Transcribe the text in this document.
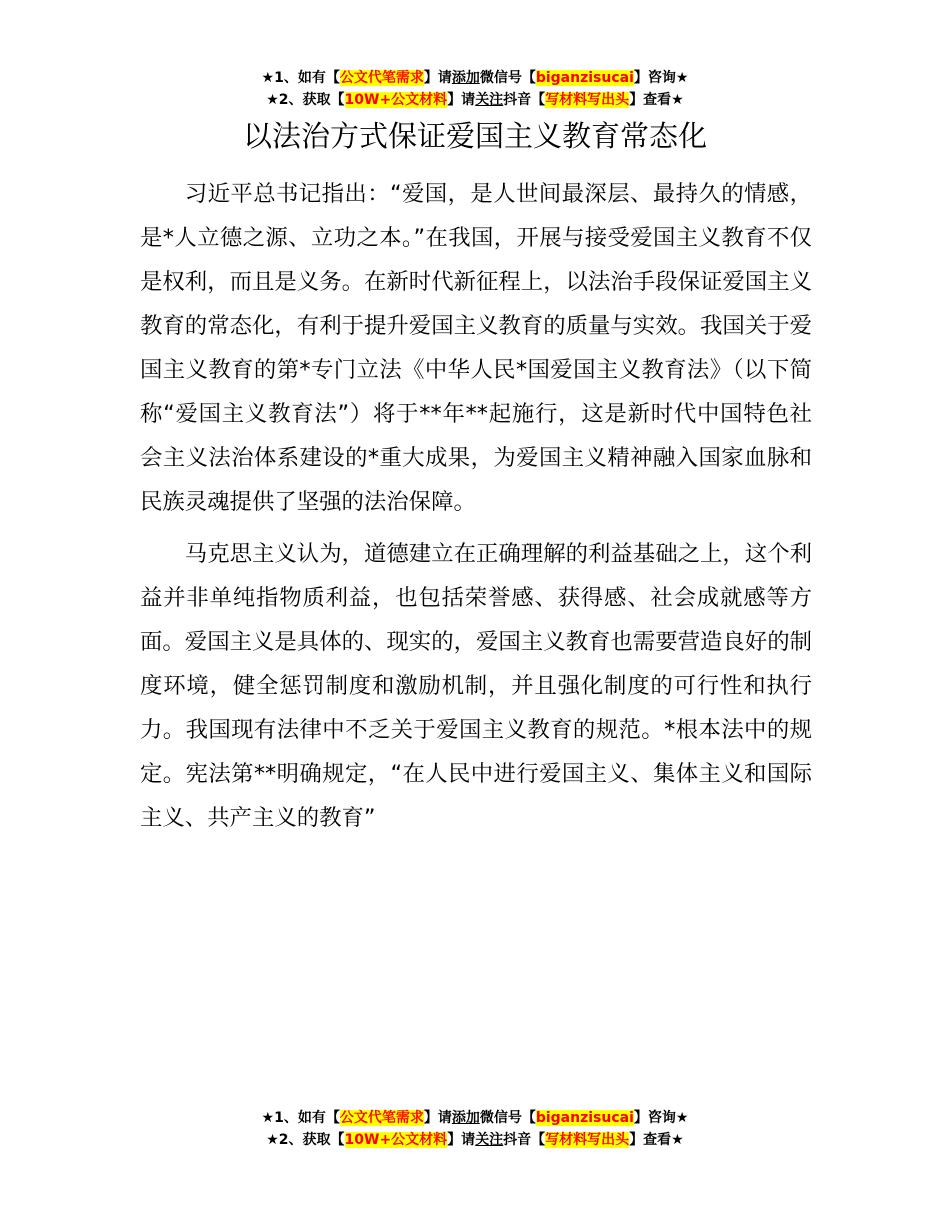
★1、如有【公文代笔需求】请添加微信号【biganzisucai】咨询★
★2、获取【10W+公文材料】请关注抖音【写材料写出头】查看★
以法治方式保证爱国主义教育常态化

习近平总书记指出：“爱国，是人世间最深层、最持久的情感，是*人立德之源、立功之本。”在我国，开展与接受爱国主义教育不仅是权利，而且是义务。在新时代新征程上，以法治手段保证爱国主义教育的常态化，有利于提升爱国主义教育的质量与实效。我国关于爱国主义教育的第*专门立法《中华人民*国爱国主义教育法》（以下简称“爱国主义教育法”）将于**年**起施行，这是新时代中国特色社会主义法治体系建设的*重大成果，为爱国主义精神融入国家血脉和民族灵魂提供了坚强的法治保障。

马克思主义认为，道德建立在正确理解的利益基础之上，这个利益并非单纯指物质利益，也包括荣誉感、获得感、社会成就感等方面。爱国主义是具体的、现实的，爱国主义教育也需要营造良好的制度环境，健全惩罚制度和激励机制，并且强化制度的可行性和执行力。我国现有法律中不乏关于爱国主义教育的规范。*根本法中的规定。宪法第**明确规定，“在人民中进行爱国主义、集体主义和国际主义、共产主义的教育”

★1、如有【公文代笔需求】请添加微信号【biganzisucai】咨询★
★2、获取【10W+公文材料】请关注抖音【写材料写出头】查看★
